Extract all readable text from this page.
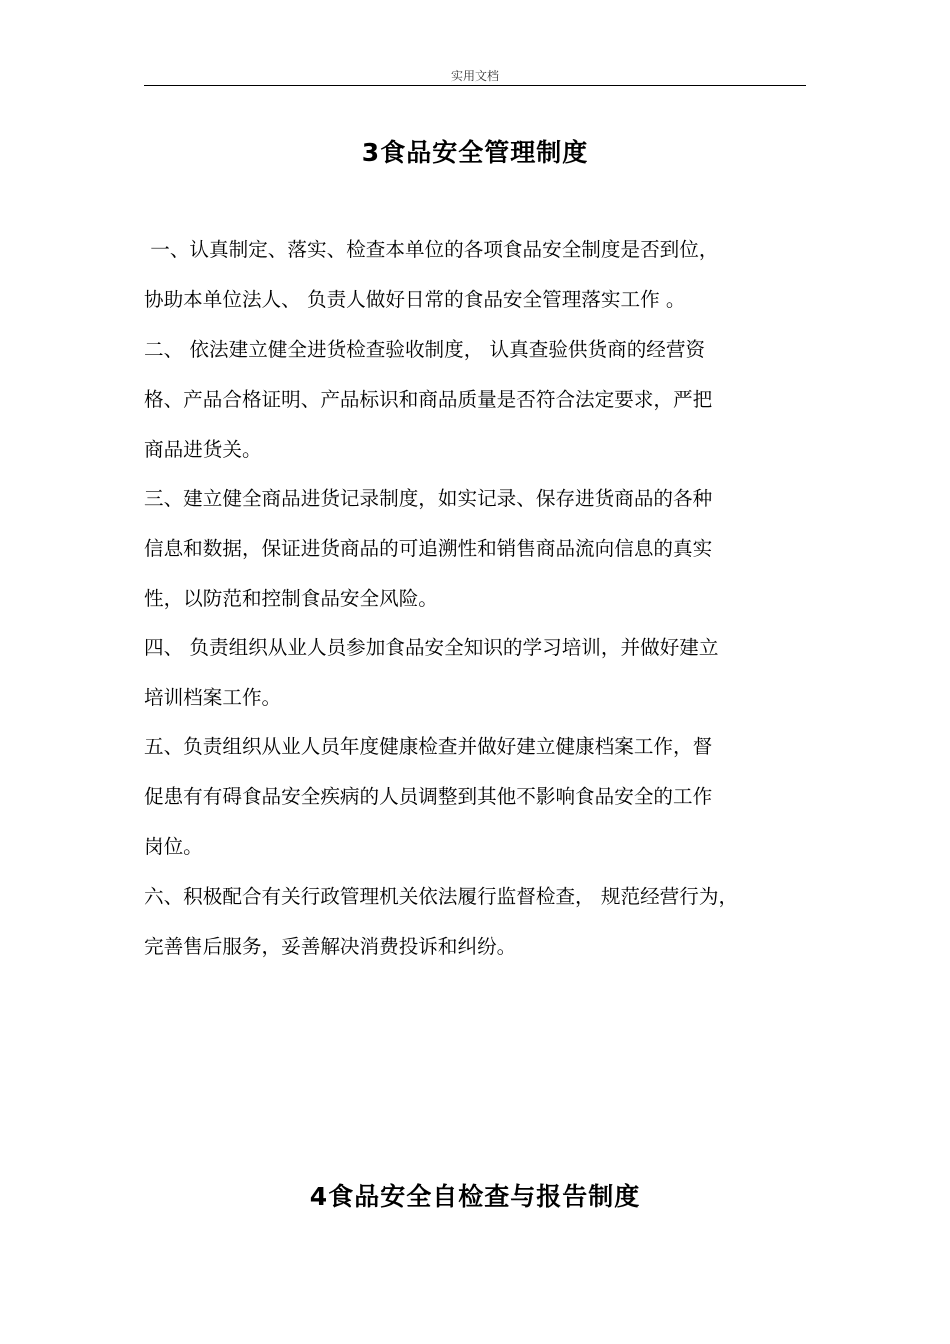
实用文档
3食品安全管理制度
一、认真制定、落实、检查本单位的各项食品安全制度是否到位，
协助本单位法人、 负责人做好日常的食品安全管理落实工作 。
二、 依法建立健全进货检查验收制度， 认真查验供货商的经营资
格、产品合格证明、产品标识和商品质量是否符合法定要求，严把
商品进货关。
三、建立健全商品进货记录制度，如实记录、保存进货商品的各种
信息和数据，保证进货商品的可追溯性和销售商品流向信息的真实
性，以防范和控制食品安全风险。
四、 负责组织从业人员参加食品安全知识的学习培训，并做好建立
培训档案工作。
五、负责组织从业人员年度健康检查并做好建立健康档案工作，督
促患有有碍食品安全疾病的人员调整到其他不影响食品安全的工作
岗位。
六、积极配合有关行政管理机关依法履行监督检查， 规范经营行为，
完善售后服务，妥善解决消费投诉和纠纷。
4食品安全自检查与报告制度
